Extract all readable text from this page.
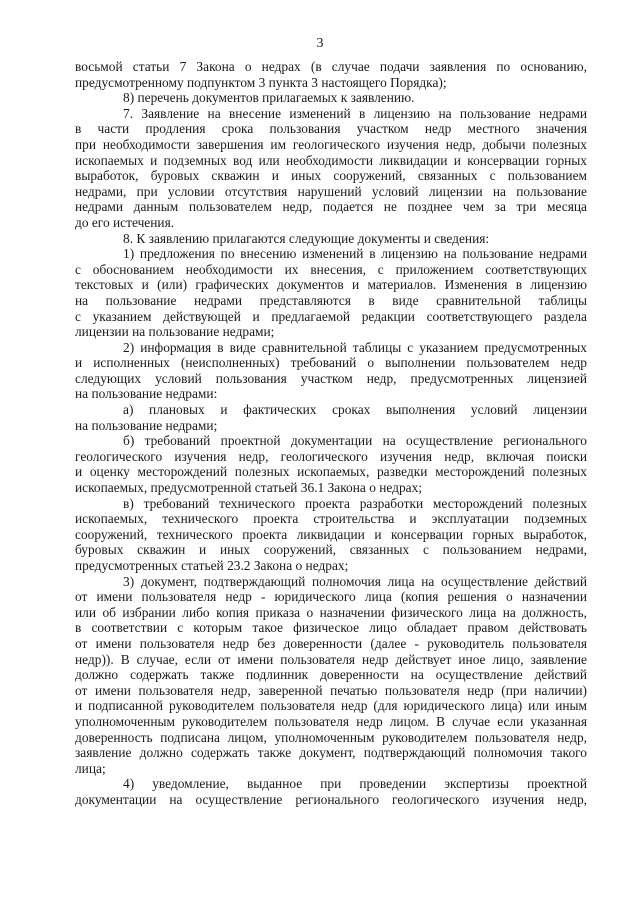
3
восьмой статьи 7 Закона о недрах (в случае подачи заявления по основанию,
предусмотренному подпунктом 3 пункта 3 настоящего Порядка);
8) перечень документов прилагаемых к заявлению.
7. Заявление на внесение изменений в лицензию на пользование недрами
в части продления срока пользования участком недр местного значения
при необходимости завершения им геологического изучения недр, добычи полезных
ископаемых и подземных вод или необходимости ликвидации и консервации горных
выработок, буровых скважин и иных сооружений, связанных с пользованием
недрами, при условии отсутствия нарушений условий лицензии на пользование
недрами данным пользователем недр, подается не позднее чем за три месяца
до его истечения.
8. К заявлению прилагаются следующие документы и сведения:
1) предложения по внесению изменений в лицензию на пользование недрами
с обоснованием необходимости их внесения, с приложением соответствующих
текстовых и (или) графических документов и материалов. Изменения в лицензию
на пользование недрами представляются в виде сравнительной таблицы
с указанием действующей и предлагаемой редакции соответствующего раздела
лицензии на пользование недрами;
2) информация в виде сравнительной таблицы с указанием предусмотренных
и исполненных (неисполненных) требований о выполнении пользователем недр
следующих условий пользования участком недр, предусмотренных лицензией
на пользование недрами:
а) плановых и фактических сроках выполнения условий лицензии
на пользование недрами;
б) требований проектной документации на осуществление регионального
геологического изучения недр, геологического изучения недр, включая поиски
и оценку месторождений полезных ископаемых, разведки месторождений полезных
ископаемых, предусмотренной статьей 36.1 Закона о недрах;
в) требований технического проекта разработки месторождений полезных
ископаемых, технического проекта строительства и эксплуатации подземных
сооружений, технического проекта ликвидации и консервации горных выработок,
буровых скважин и иных сооружений, связанных с пользованием недрами,
предусмотренных статьей 23.2 Закона о недрах;
3) документ, подтверждающий полномочия лица на осуществление действий
от имени пользователя недр - юридического лица (копия решения о назначении
или об избрании либо копия приказа о назначении физического лица на должность,
в соответствии с которым такое физическое лицо обладает правом действовать
от имени пользователя недр без доверенности (далее - руководитель пользователя
недр)). В случае, если от имени пользователя недр действует иное лицо, заявление
должно содержать также подлинник доверенности на осуществление действий
от имени пользователя недр, заверенной печатью пользователя недр (при наличии)
и подписанной руководителем пользователя недр (для юридического лица) или иным
уполномоченным руководителем пользователя недр лицом. В случае если указанная
доверенность подписана лицом, уполномоченным руководителем пользователя недр,
заявление должно содержать также документ, подтверждающий полномочия такого
лица;
4) уведомление, выданное при проведении экспертизы проектной
документации на осуществление регионального геологического изучения недр,
